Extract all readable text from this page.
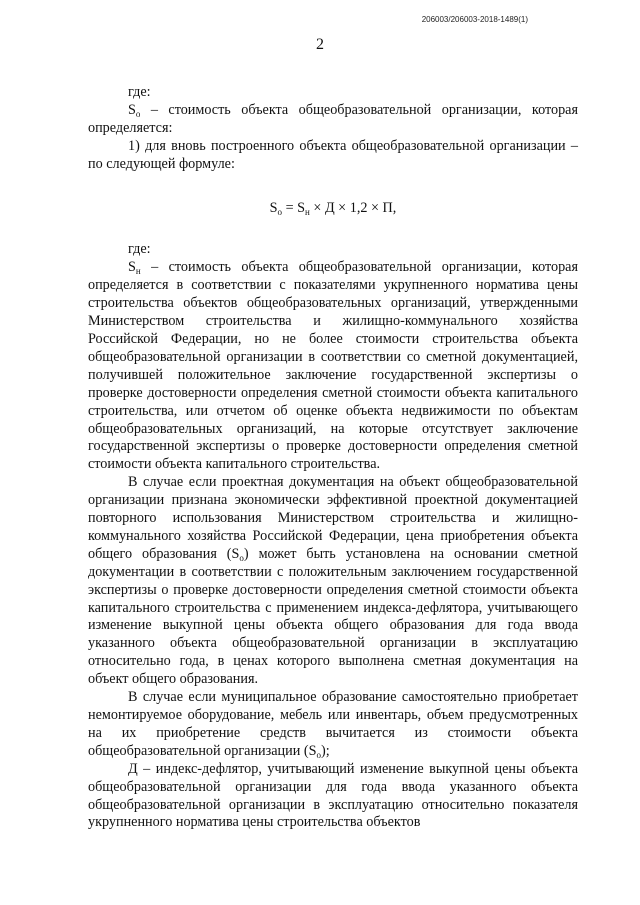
206003/206003-2018-1489(1)
2

где:

$S_о$ – стоимость объекта общеобразовательной организации, которая определяется:

1) для вновь построенного объекта общеобразовательной организации – по следующей формуле:

$S_о = S_н \times Д \times 1,2 \times П$,

где:

$S_н$ – стоимость объекта общеобразовательной организации, которая определяется в соответствии с показателями укрупненного норматива цены строительства объектов общеобразовательных организаций, утвержденными Министерством строительства и жилищно-коммунального хозяйства Российской Федерации, но не более стоимости строительства объекта общеобразовательной организации в соответствии со сметной документацией, получившей положительное заключение государственной экспертизы о проверке достоверности определения сметной стоимости объекта капитального строительства, или отчетом об оценке объекта недвижимости по объектам общеобразовательных организаций, на которые отсутствует заключение государственной экспертизы о проверке достоверности определения сметной стоимости объекта капитального строительства.

В случае если проектная документация на объект общеобразовательной организации признана экономически эффективной проектной документацией повторного использования Министерством строительства и жилищно-коммунального хозяйства Российской Федерации, цена приобретения объекта общего образования $(S_о)$ может быть установлена на основании сметной документации в соответствии с положительным заключением государственной экспертизы о проверке достоверности определения сметной стоимости объекта капитального строительства с применением индекса-дефлятора, учитывающего изменение выкупной цены объекта общего образования для года ввода указанного объекта общеобразовательной организации в эксплуатацию относительно года, в ценах которого выполнена сметная документация на объект общего образования.

В случае если муниципальное образование самостоятельно приобретает немонтируемое оборудование, мебель или инвентарь, объем предусмотренных на их приобретение средств вычитается из стоимости объекта общеобразовательной организации $(S_о)$;

Д – индекс-дефлятор, учитывающий изменение выкупной цены объекта общеобразовательной организации для года ввода указанного объекта общеобразовательной организации в эксплуатацию относительно показателя укрупненного норматива цены строительства объектов
